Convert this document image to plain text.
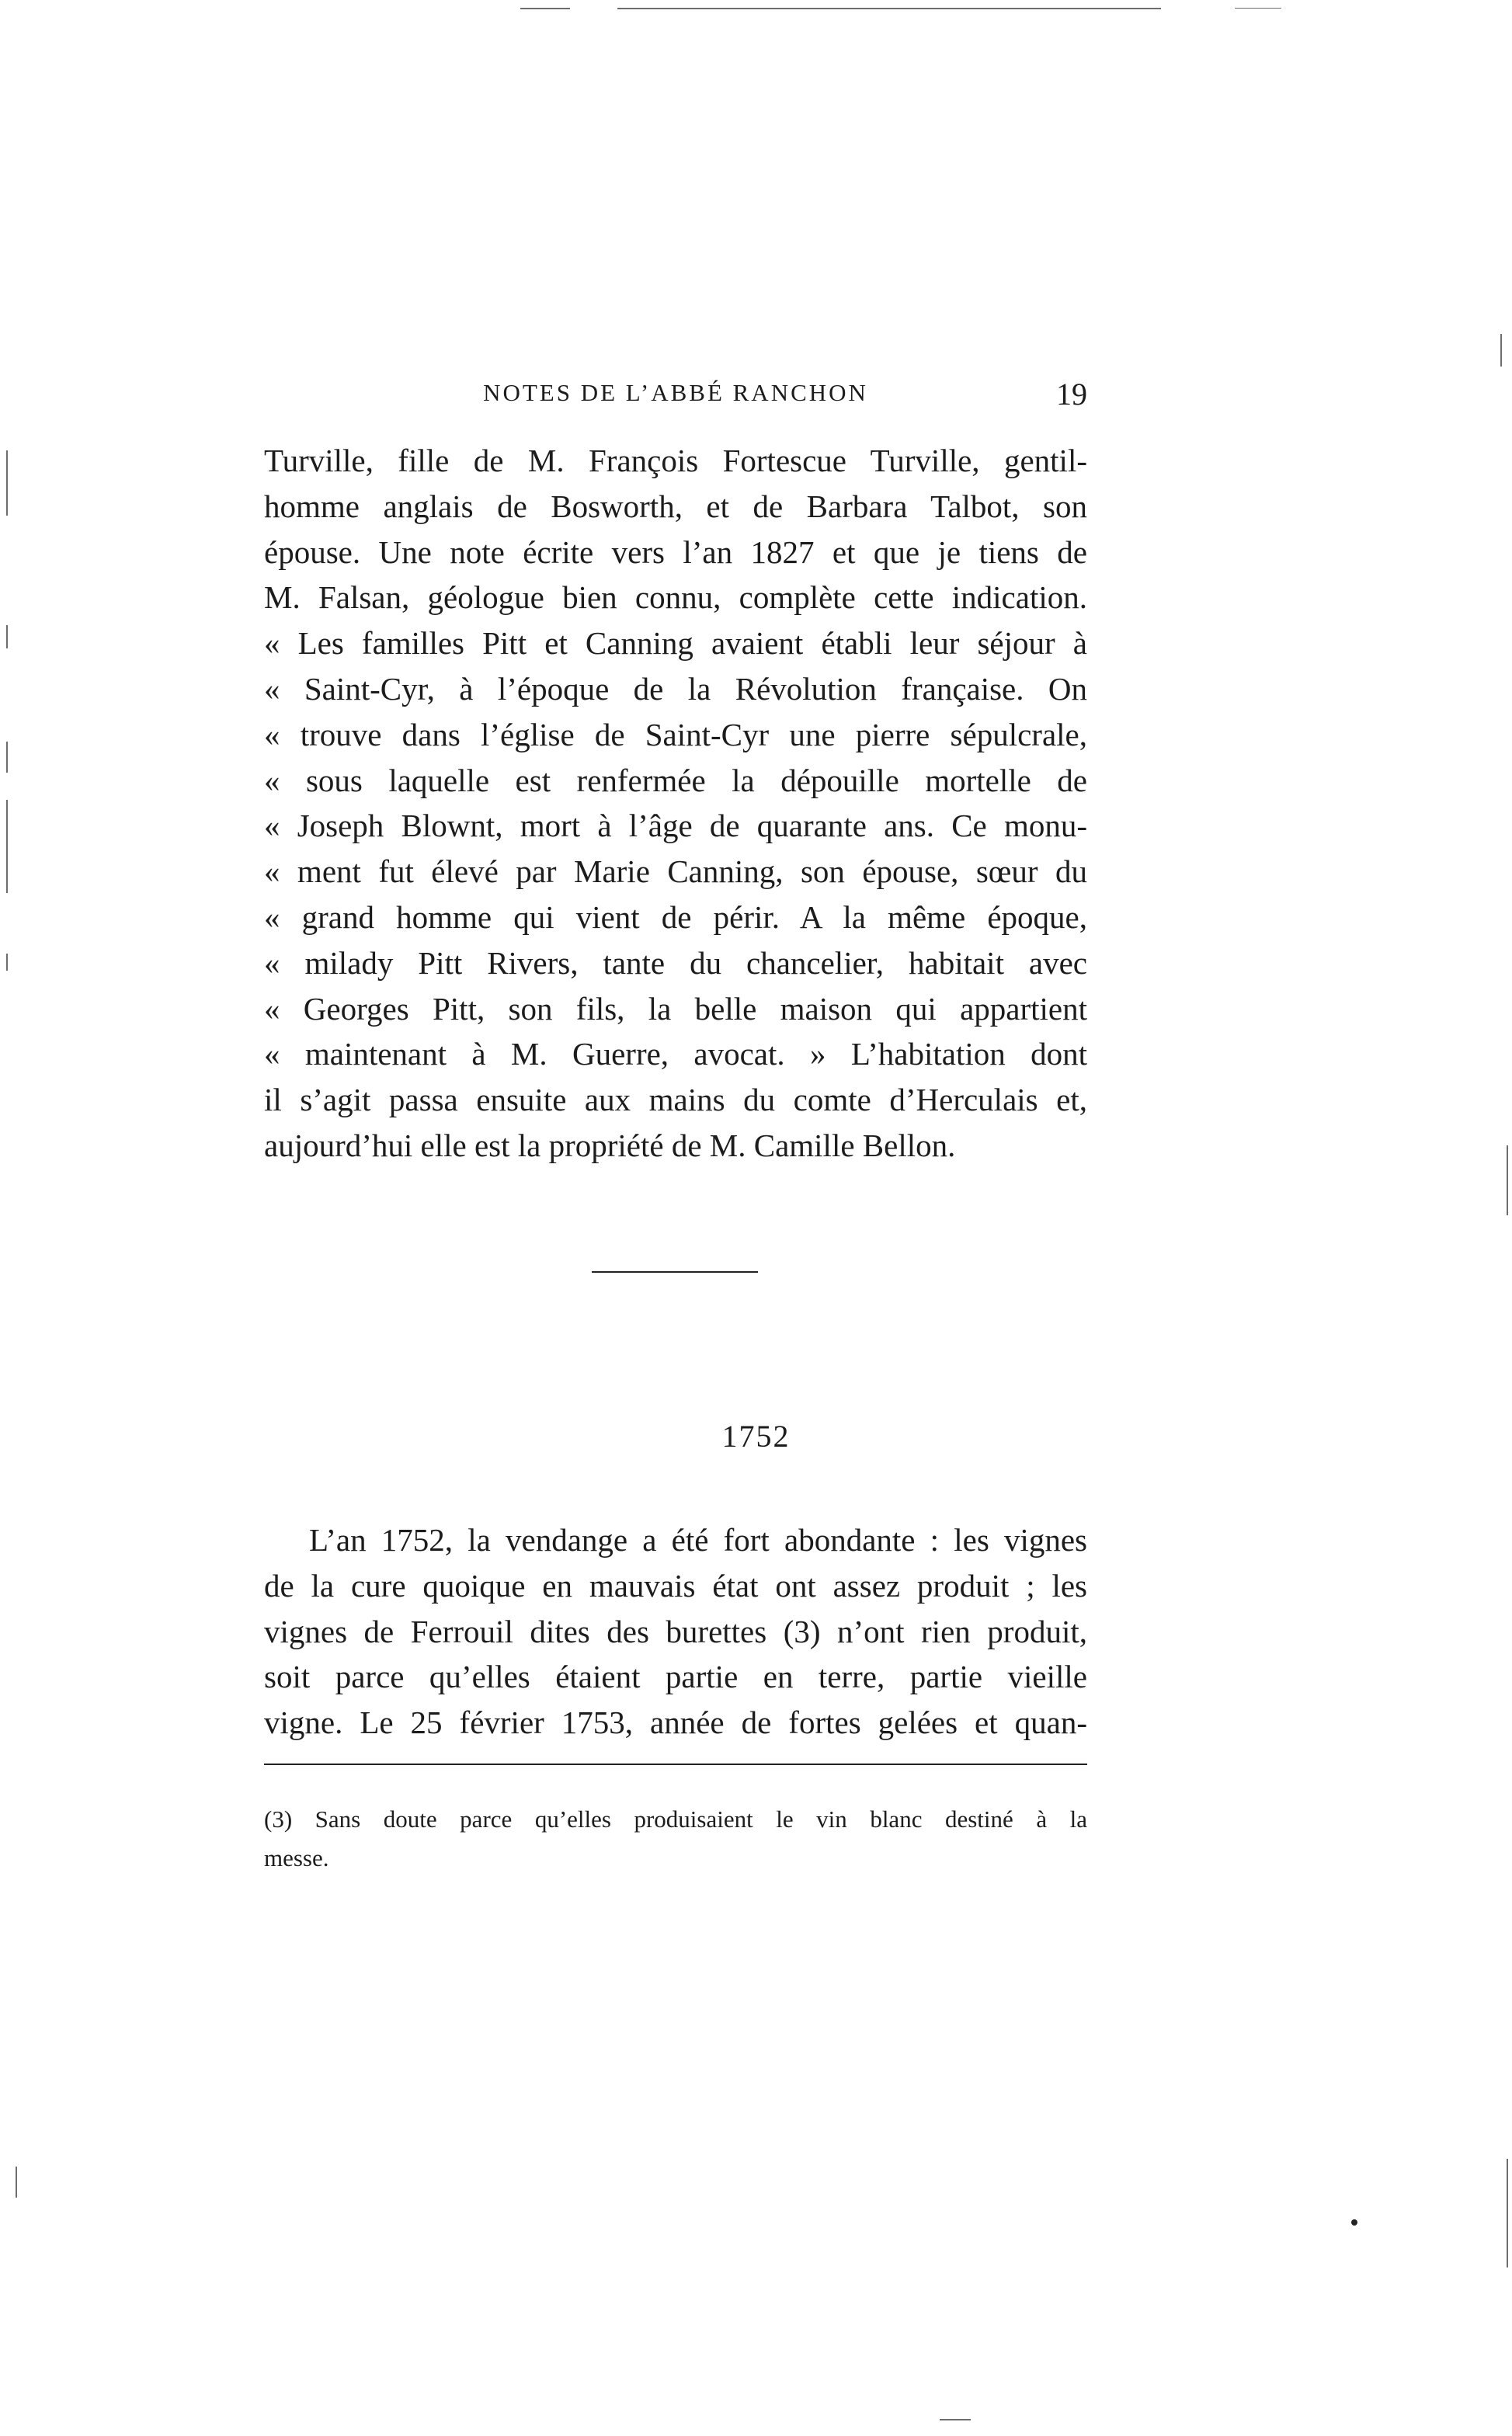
NOTES DE L’ABBÉ RANCHON	19
Turville, fille de M. François Fortescue Turville, gentil-
homme anglais de Bosworth, et de Barbara Talbot, son
épouse. Une note écrite vers l’an 1827 et que je tiens de
M. Falsan, géologue bien connu, complète cette indication.
« Les familles Pitt et Canning avaient établi leur séjour à
« Saint-Cyr, à l’époque de la Révolution française. On
« trouve dans l’église de Saint-Cyr une pierre sépulcrale,
« sous laquelle est renfermée la dépouille mortelle de
« Joseph Blownt, mort à l’âge de quarante ans. Ce monu-
« ment fut élevé par Marie Canning, son épouse, sœur du
« grand homme qui vient de périr. A la même époque,
« milady Pitt Rivers, tante du chancelier, habitait avec
« Georges Pitt, son fils, la belle maison qui appartient
« maintenant à M. Guerre, avocat. » L’habitation dont
il s’agit passa ensuite aux mains du comte d’Herculais et,
aujourd’hui elle est la propriété de M. Camille Bellon.
1752
L’an 1752, la vendange a été fort abondante : les vignes
de la cure quoique en mauvais état ont assez produit ; les
vignes de Ferrouil dites des burettes (3) n’ont rien produit,
soit parce qu’elles étaient partie en terre, partie vieille
vigne. Le 25 février 1753, année de fortes gelées et quan-
(3) Sans doute parce qu’elles produisaient le vin blanc destiné à la
messe.
